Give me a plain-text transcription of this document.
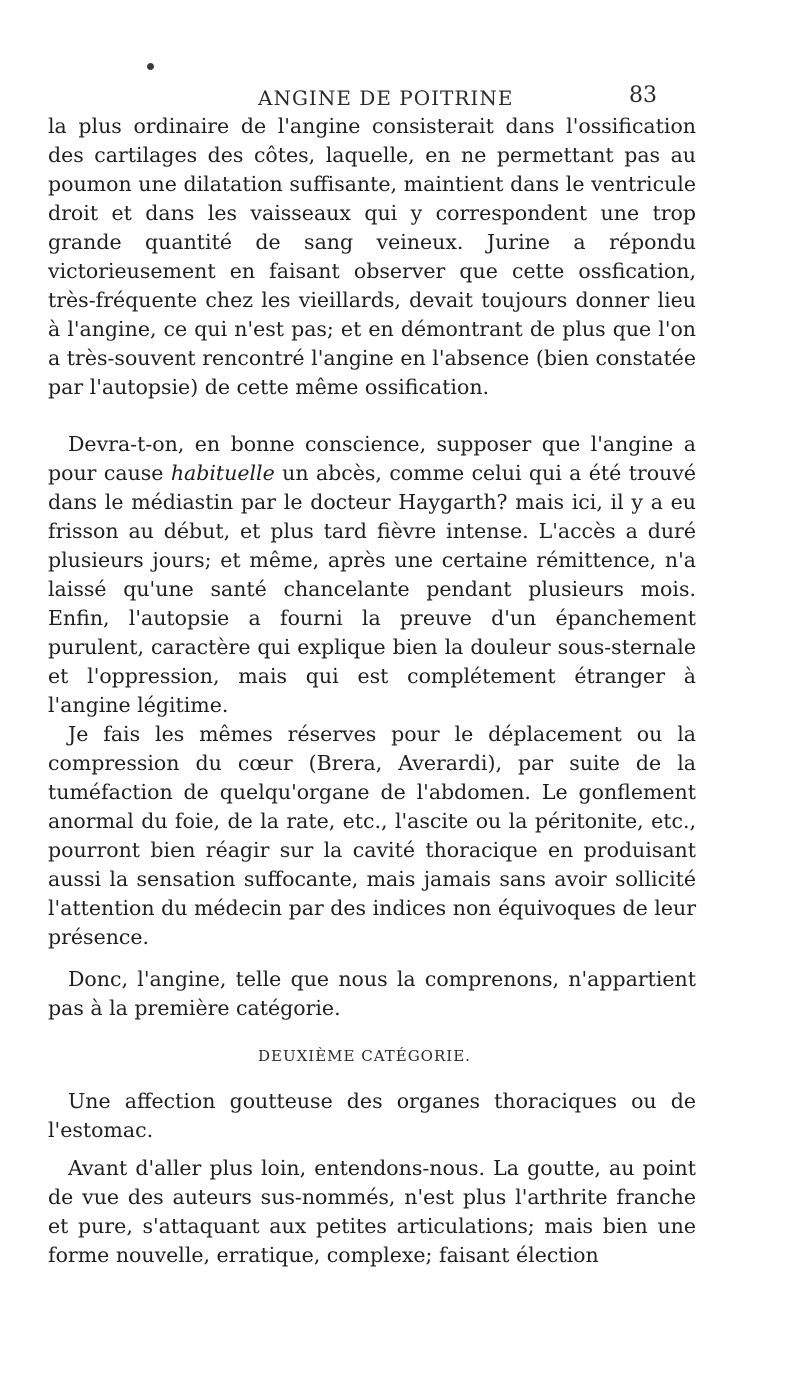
ANGINE DE POITRINE	83

la plus ordinaire de l'angine consisterait dans l'ossification des cartilages des côtes, laquelle, en ne permettant pas au poumon une dilatation suffisante, maintient dans le ventricule droit et dans les vaisseaux qui y correspondent une trop grande quantité de sang veineux. Jurine a répondu victorieusement en faisant observer que cette ossfication, très-fréquente chez les vieillards, devait toujours donner lieu à l'angine, ce qui n'est pas; et en démontrant de plus que l'on a très-souvent rencontré l'angine en l'absence (bien constatée par l'autopsie) de cette même ossification.

Devra-t-on, en bonne conscience, supposer que l'angine a pour cause habituelle un abcès, comme celui qui a été trouvé dans le médiastin par le docteur Haygarth? mais ici, il y a eu frisson au début, et plus tard fièvre intense. L'accès a duré plusieurs jours; et même, après une certaine rémittence, n'a laissé qu'une santé chancelante pendant plusieurs mois. Enfin, l'autopsie a fourni la preuve d'un épanchement purulent, caractère qui explique bien la douleur sous-sternale et l'oppression, mais qui est complétement étranger à l'angine légitime.

Je fais les mêmes réserves pour le déplacement ou la compression du cœur (Brera, Averardi), par suite de la tuméfaction de quelqu'organe de l'abdomen. Le gonflement anormal du foie, de la rate, etc., l'ascite ou la péritonite, etc., pourront bien réagir sur la cavité thoracique en produisant aussi la sensation suffocante, mais jamais sans avoir sollicité l'attention du médecin par des indices non équivoques de leur présence.

Donc, l'angine, telle que nous la comprenons, n'appartient pas à la première catégorie.

DEUXIÈME CATÉGORIE.

Une affection goutteuse des organes thoraciques ou de l'estomac.

Avant d'aller plus loin, entendons-nous. La goutte, au point de vue des auteurs sus-nommés, n'est plus l'arthrite franche et pure, s'attaquant aux petites articulations; mais bien une forme nouvelle, erratique, complexe; faisant élection
